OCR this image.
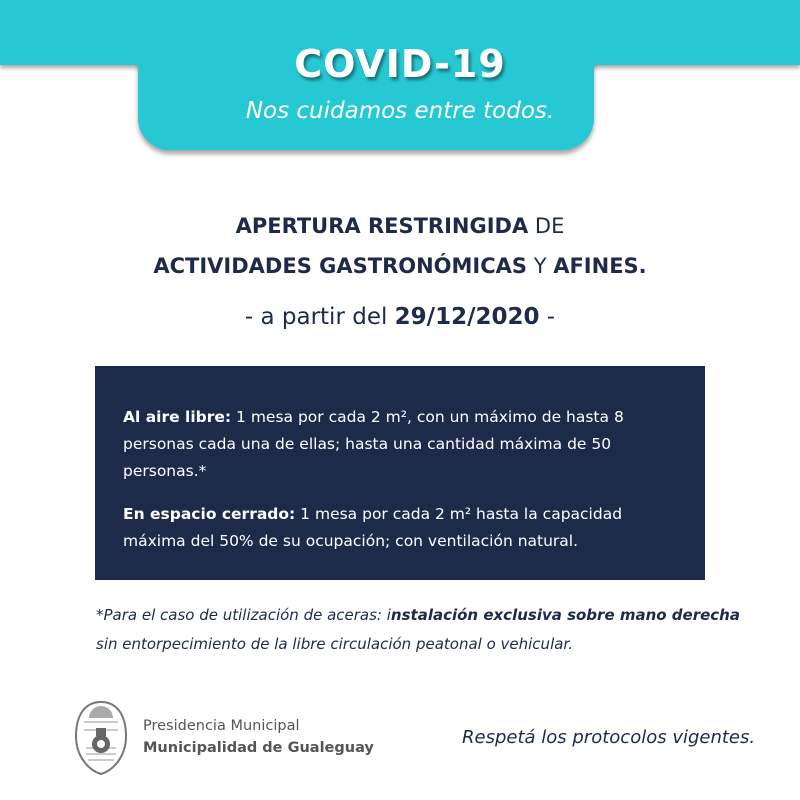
COVID-19
Nos cuidamos entre todos.
APERTURA RESTRINGIDA DE
ACTIVIDADES GASTRONÓMICAS Y AFINES.
- a partir del 29/12/2020 -

Al aire libre: 1 mesa por cada 2 m², con un máximo de hasta 8 personas cada una de ellas; hasta una cantidad máxima de 50 personas.*

En espacio cerrado: 1 mesa por cada 2 m² hasta la capacidad máxima del 50% de su ocupación; con ventilación natural.

*Para el caso de utilización de aceras: instalación exclusiva sobre mano derecha
sin entorpecimiento de la libre circulación peatonal o vehicular.
Presidencia Municipal
Municipalidad de Gualeguay	Respetá los protocolos vigentes.
